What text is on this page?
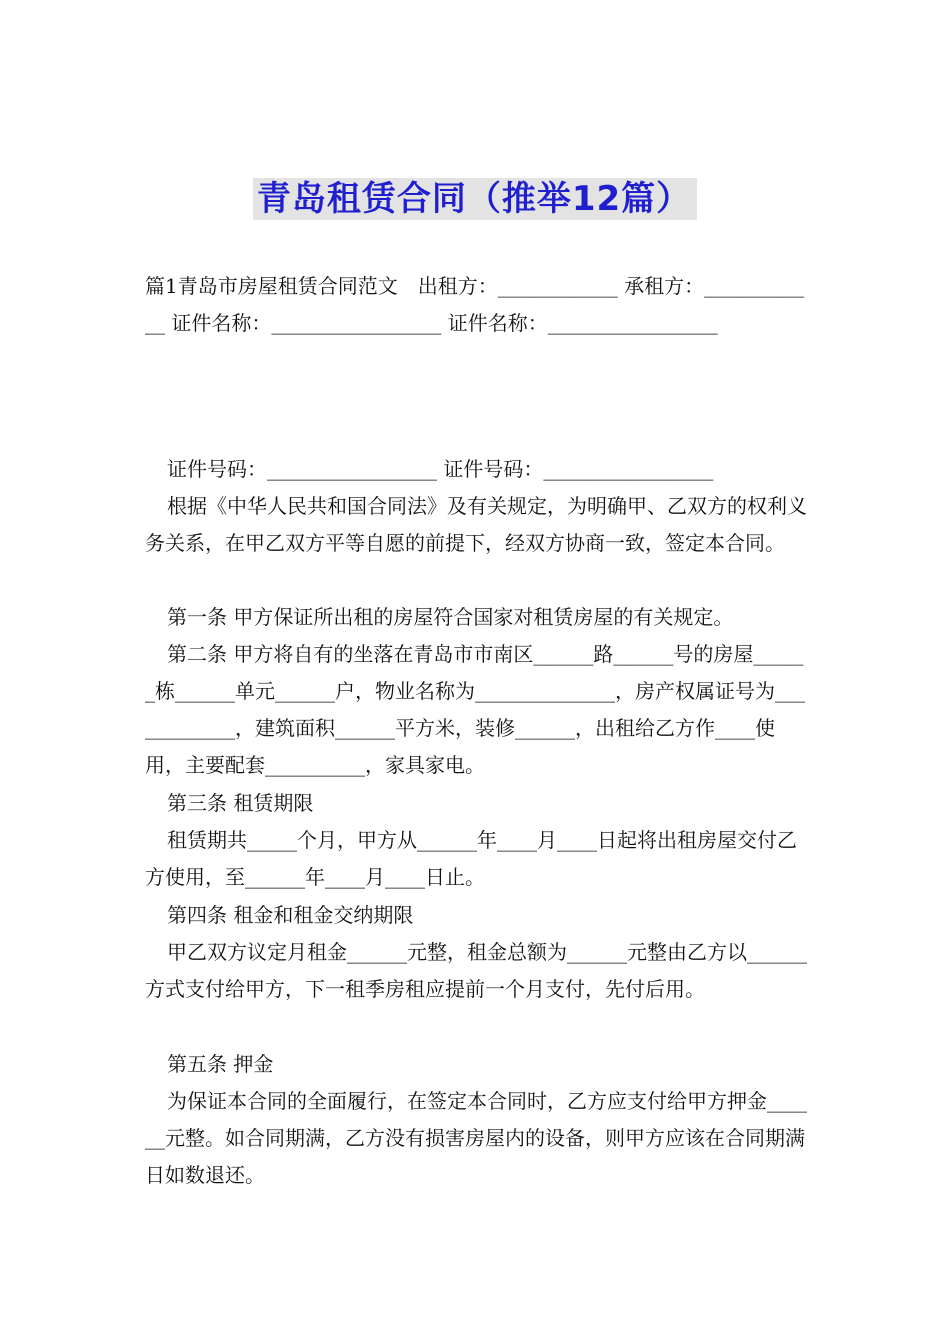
青岛租赁合同（推举12篇）

篇1青岛市房屋租赁合同范文　出租方：____________ 承租方：____________ 证件名称：_________________ 证件名称：_________________

证件号码：_________________ 证件号码：_________________

根据《中华人民共和国合同法》及有关规定，为明确甲、乙双方的权利义务关系，在甲乙双方平等自愿的前提下，经双方协商一致，签定本合同。

第一条 甲方保证所出租的房屋符合国家对租赁房屋的有关规定。

第二条 甲方将自有的坐落在青岛市市南区______路______号的房屋______栋______单元______户，物业名称为______________，房产权属证号为____________，建筑面积______平方米，装修______，出租给乙方作____使用，主要配套__________，家具家电。

第三条 租赁期限

租赁期共_____个月，甲方从______年____月____日起将出租房屋交付乙方使用，至______年____月____日止。

第四条 租金和租金交纳期限

甲乙双方议定月租金______元整，租金总额为______元整由乙方以______方式支付给甲方，下一租季房租应提前一个月支付，先付后用。

第五条 押金

为保证本合同的全面履行，在签定本合同时，乙方应支付给甲方押金______元整。如合同期满，乙方没有损害房屋内的设备，则甲方应该在合同期满日如数退还。
